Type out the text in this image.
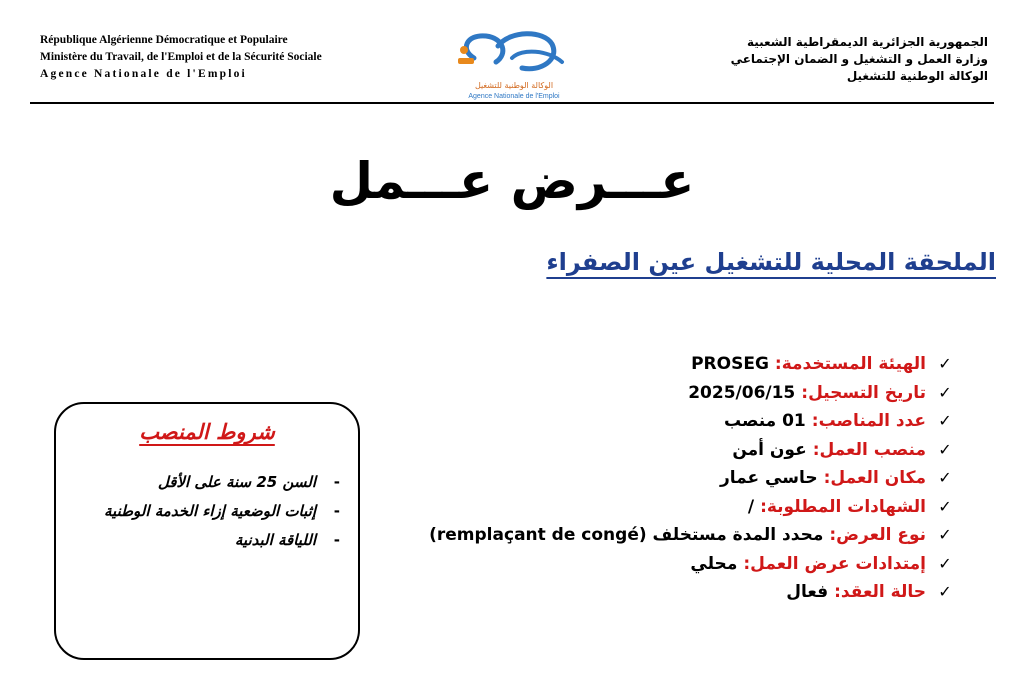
République Algérienne Démocratique et Populaire
Ministère du Travail, de l'Emploi et de la Sécurité Sociale
Agence Nationale de l'Emploi
الوكالة الوطنية للتشغيل
Agence Nationale de l'Emploi
الجمهورية الجزائرية الديمقراطية الشعبية
وزارة العمل و التشغيل و الضمان الإجتماعي
الوكالة الوطنية للتشغيل
عـــرض عـــمل
الملحقة المحلية للتشغيل عين الصفراء
✓
الهيئة المستخدمة:
PROSEG
✓
تاريخ التسجيل:
2025/06/15
✓
عدد المناصب:
01 منصب
✓
منصب العمل:
عون أمن
✓
مكان العمل:
حاسي عمار
✓
الشهادات المطلوبة:
/
✓
نوع العرض:
محدد المدة مستخلف (remplaçant de congé)
✓
إمتدادات عرض العمل:
محلي
✓
حالة العقد:
فعال
شروط المنصب
-السن 25 سنة على الأقل
-إثبات الوضعية إزاء الخدمة الوطنية
-اللياقة البدنية
